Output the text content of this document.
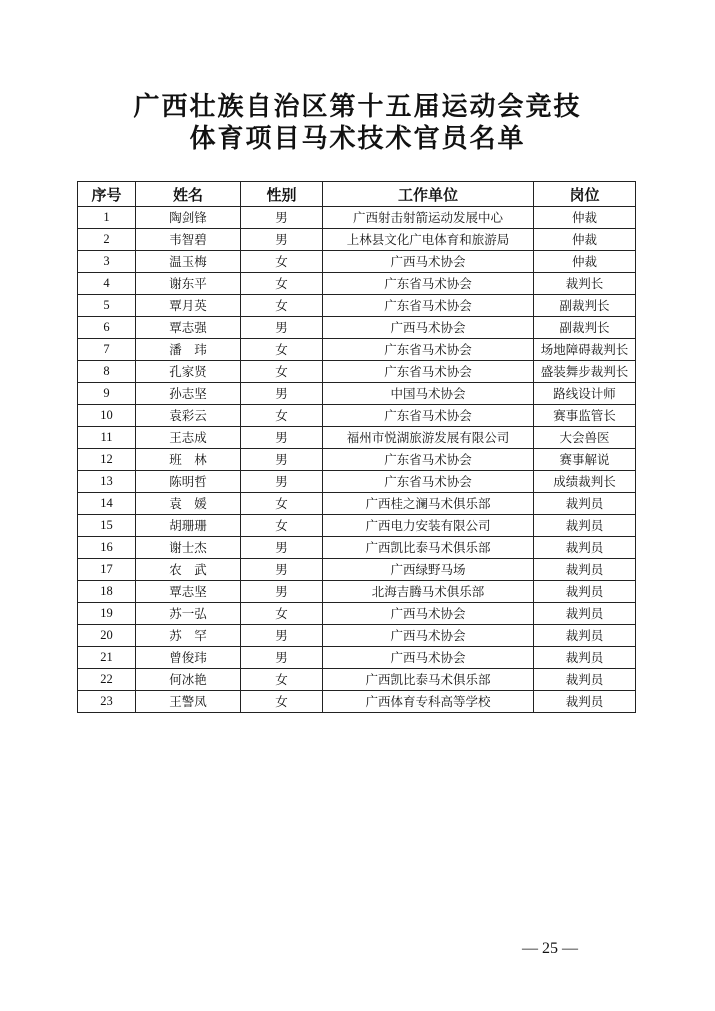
广西壮族自治区第十五届运动会竞技
体育项目马术技术官员名单
序号	姓名	性别	工作单位	岗位
1	陶剑锋	男	广西射击射箭运动发展中心	仲裁
2	韦智碧	男	上林县文化广电体育和旅游局	仲裁
3	温玉梅	女	广西马术协会	仲裁
4	谢东平	女	广东省马术协会	裁判长
5	覃月英	女	广东省马术协会	副裁判长
6	覃志强	男	广西马术协会	副裁判长
7	潘　玮	女	广东省马术协会	场地障碍裁判长
8	孔家贤	女	广东省马术协会	盛装舞步裁判长
9	孙志坚	男	中国马术协会	路线设计师
10	袁彩云	女	广东省马术协会	赛事监管长
11	王志成	男	福州市悦湖旅游发展有限公司	大会兽医
12	班　林	男	广东省马术协会	赛事解说
13	陈明哲	男	广东省马术协会	成绩裁判长
14	袁　媛	女	广西桂之澜马术俱乐部	裁判员
15	胡珊珊	女	广西电力安装有限公司	裁判员
16	谢士杰	男	广西凯比泰马术俱乐部	裁判员
17	农　武	男	广西绿野马场	裁判员
18	覃志坚	男	北海吉腾马术俱乐部	裁判员
19	苏一弘	女	广西马术协会	裁判员
20	苏　罕	男	广西马术协会	裁判员
21	曾俊玮	男	广西马术协会	裁判员
22	何冰艳	女	广西凯比泰马术俱乐部	裁判员
23	王警凤	女	广西体育专科高等学校	裁判员
— 25 —
